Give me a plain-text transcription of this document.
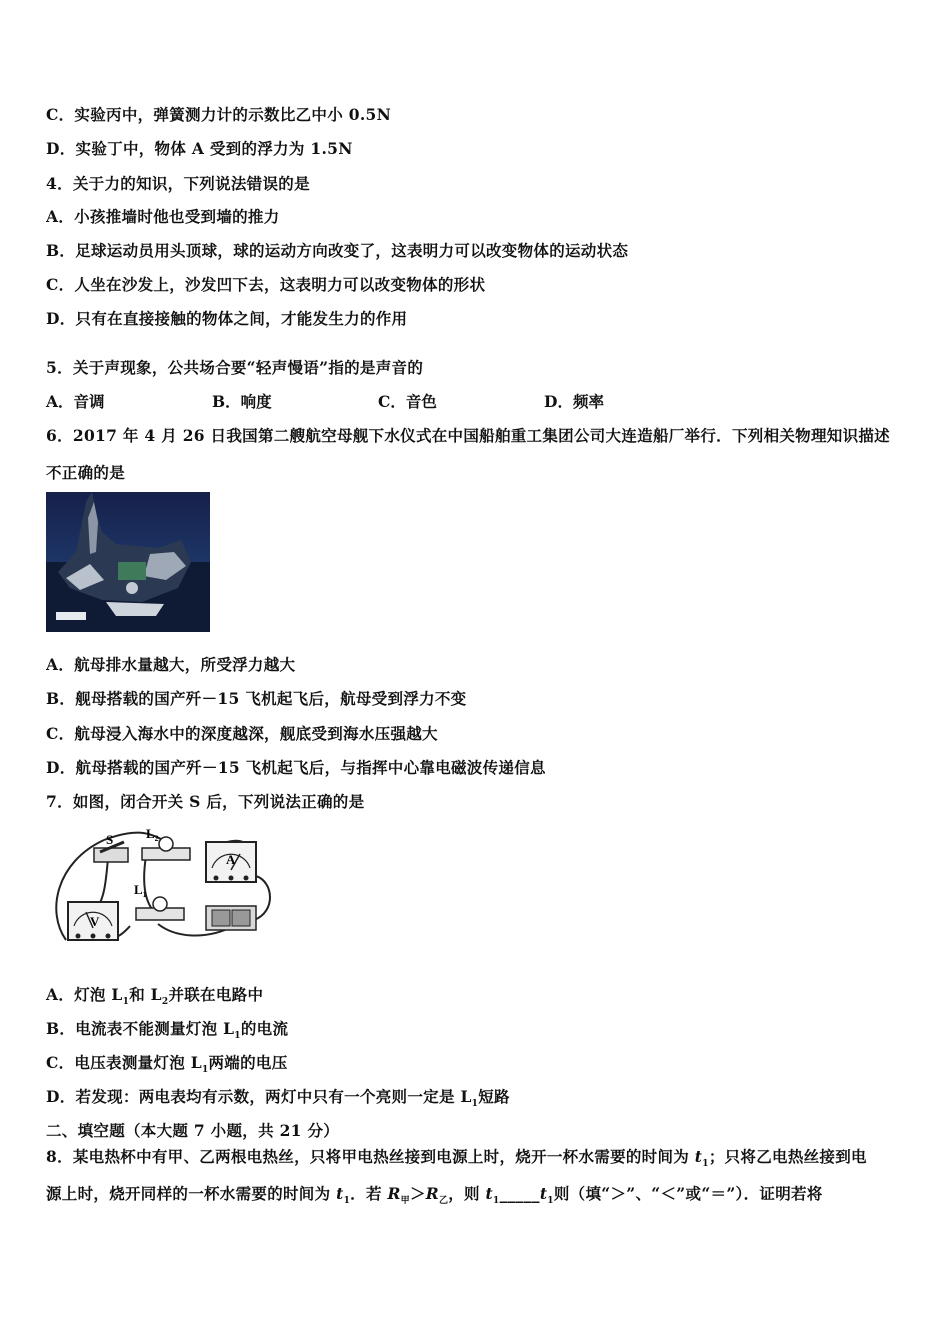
C．实验丙中，弹簧测力计的示数比乙中小 0.5N
D．实验丁中，物体 A 受到的浮力为 1.5N
4．关于力的知识，下列说法错误的是
A．小孩推墙时他也受到墙的推力
B．足球运动员用头顶球，球的运动方向改变了，这表明力可以改变物体的运动状态
C．人坐在沙发上，沙发凹下去，这表明力可以改变物体的形状
D．只有在直接接触的物体之间，才能发生力的作用
5．关于声现象，公共场合要“轻声慢语”指的是声音的
A．音调	B．响度	C．音色	D．频率
6．2017 年 4 月 26 日我国第二艘航空母舰下水仪式在中国船舶重工集团公司大连造船厂举行．下列相关物理知识描述
不正确的是
A．航母排水量越大，所受浮力越大
B．舰母搭载的国产歼－15 飞机起飞后，航母受到浮力不变
C．航母浸入海水中的深度越深，舰底受到海水压强越大
D．航母搭载的国产歼－15 飞机起飞后，与指挥中心靠电磁波传递信息
7．如图，闭合开关 S 后，下列说法正确的是
S	$L_2$
A
$L_1$
V
A．灯泡 $L_1$和 $L_2$并联在电路中
B．电流表不能测量灯泡 $L_1$的电流
C．电压表测量灯泡 $L_1$两端的电压
D．若发现：两电表均有示数，两灯中只有一个亮则一定是 $L_1$短路
二、填空题（本大题 7 小题，共 21 分）
8．某电热杯中有甲、乙两根电热丝，只将甲电热丝接到电源上时，烧开一杯水需要的时间为 $t_1$；只将乙电热丝接到电
源上时，烧开同样的一杯水需要的时间为 $t_1$．若 $R_甲>R_乙$，则 $t_1\_\_\_\_\_t_1$则（填“＞”、“＜”或“＝”）．证明若将
